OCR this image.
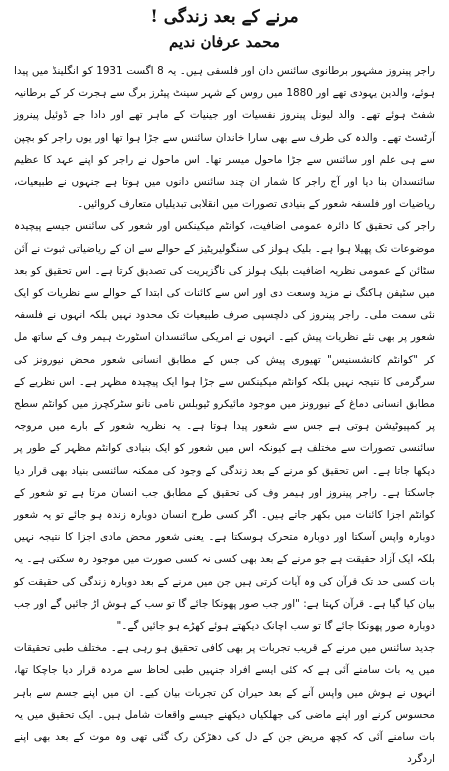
مرنے کے بعد زندگی !
محمد عرفان ندیم

راجر پینروز مشہور برطانوی سائنس دان اور فلسفی ہیں۔ یہ 8 اگست 1931 کو انگلینڈ میں پیدا ہوئے، والدین یہودی تھے اور 1880 میں روس کے شہر سینٹ پیٹرز برگ سے ہجرت کر کے برطانیہ شفٹ ہوئے تھے۔ والد لیونل پینروز نفسیات اور جینیات کے ماہر تھے اور دادا جے ڈوئیل پینروز آرٹسٹ تھے۔ والدہ کی طرف سے بھی سارا خاندان سائنس سے جڑا ہوا تھا اور یوں راجر کو بچپن سے ہی علم اور سائنس سے جڑا ماحول میسر تھا۔ اس ماحول نے راجر کو اپنے عہد کا عظیم سائنسدان بنا دیا اور آج راجر کا شمار ان چند سائنس دانوں میں ہوتا ہے جنہوں نے طبیعیات، ریاضیات اور فلسفہ شعور کے بنیادی تصورات میں انقلابی تبدیلیاں متعارف کروائیں۔

راجر کی تحقیق کا دائرہ عمومی اضافیت، کوانٹم میکینکس اور شعور کی سائنس جیسے پیچیدہ موضوعات تک پھیلا ہوا ہے۔ بلیک ہولز کی سنگولیریٹیز کے حوالے سے ان کے ریاضیاتی ثبوت نے آئن سٹائن کے عمومی نظریہ اضافیت بلیک ہولز کی ناگزیریت کی تصدیق کرتا ہے۔ اس تحقیق کو بعد میں سٹیفن ہاکنگ نے مزید وسعت دی اور اس سے کائنات کی ابتدا کے حوالے سے نظریات کو ایک نئی سمت ملی۔ راجر پینروز کی دلچسپی صرف طبیعیات تک محدود نہیں بلکہ انہوں نے فلسفہ شعور پر بھی نئے نظریات پیش کیے۔ انہوں نے امریکی سائنسدان اسٹورٹ ہیمر وف کے ساتھ مل کر "کوانٹم کانشسنیس" تھیوری پیش کی جس کے مطابق انسانی شعور محض نیورونز کی سرگرمی کا نتیجہ نہیں بلکہ کوانٹم میکینکس سے جڑا ہوا ایک پیچیدہ مظہر ہے۔ اس نظریے کے مطابق انسانی دماغ کے نیورونز میں موجود مائیکرو ٹیوبلس نامی نانو سٹرکچرز میں کوانٹم سطح پر کمپیوٹیشن ہوتی ہے جس سے شعور پیدا ہوتا ہے۔ یہ نظریہ شعور کے بارے میں مروجہ سائنسی تصورات سے مختلف ہے کیونکہ اس میں شعور کو ایک بنیادی کوانٹم مظہر کے طور پر دیکھا جاتا ہے۔ اس تحقیق کو مرنے کے بعد زندگی کے وجود کی ممکنہ سائنسی بنیاد بھی قرار دیا جاسکتا ہے۔ راجر پینروز اور ہیمر وف کی تحقیق کے مطابق جب انسان مرتا ہے تو شعور کے کوانٹم اجزا کائنات میں بکھر جاتے ہیں۔ اگر کسی طرح انسان دوبارہ زندہ ہو جائے تو یہ شعور دوبارہ واپس آسکتا اور دوبارہ متحرک ہوسکتا ہے۔ یعنی شعور محض مادی اجزا کا نتیجہ نہیں بلکہ ایک آزاد حقیقت ہے جو مرنے کے بعد بھی کسی نہ کسی صورت میں موجود رہ سکتی ہے۔ یہ بات کسی حد تک قرآن کی وہ آیات کرتی ہیں جن میں مرنے کے بعد دوبارہ زندگی کی حقیقت کو بیان کیا گیا ہے۔ قرآن کہتا ہے: "اور جب صور پھونکا جائے گا تو سب کے ہوش اڑ جائیں گے اور جب دوبارہ صور پھونکا جائے گا تو سب اچانک دیکھتے ہوئے کھڑے ہو جائیں گے۔"

جدید سائنس میں مرنے کے قریب تجربات پر بھی کافی تحقیق ہو رہی ہے۔ مختلف طبی تحقیقات میں یہ بات سامنے آئی ہے کہ کئی ایسے افراد جنہیں طبی لحاظ سے مردہ قرار دیا جاچکا تھا، انہوں نے ہوش میں واپس آنے کے بعد حیران کن تجربات بیان کیے۔ ان میں اپنے جسم سے باہر محسوس کرنے اور اپنے ماضی کی جھلکیاں دیکھنے جیسے واقعات شامل ہیں۔ ایک تحقیق میں یہ بات سامنے آئی کہ کچھ مریض جن کے دل کی دھڑکن رک گئی تھی وہ موت کے بعد بھی اپنے اردگرد
